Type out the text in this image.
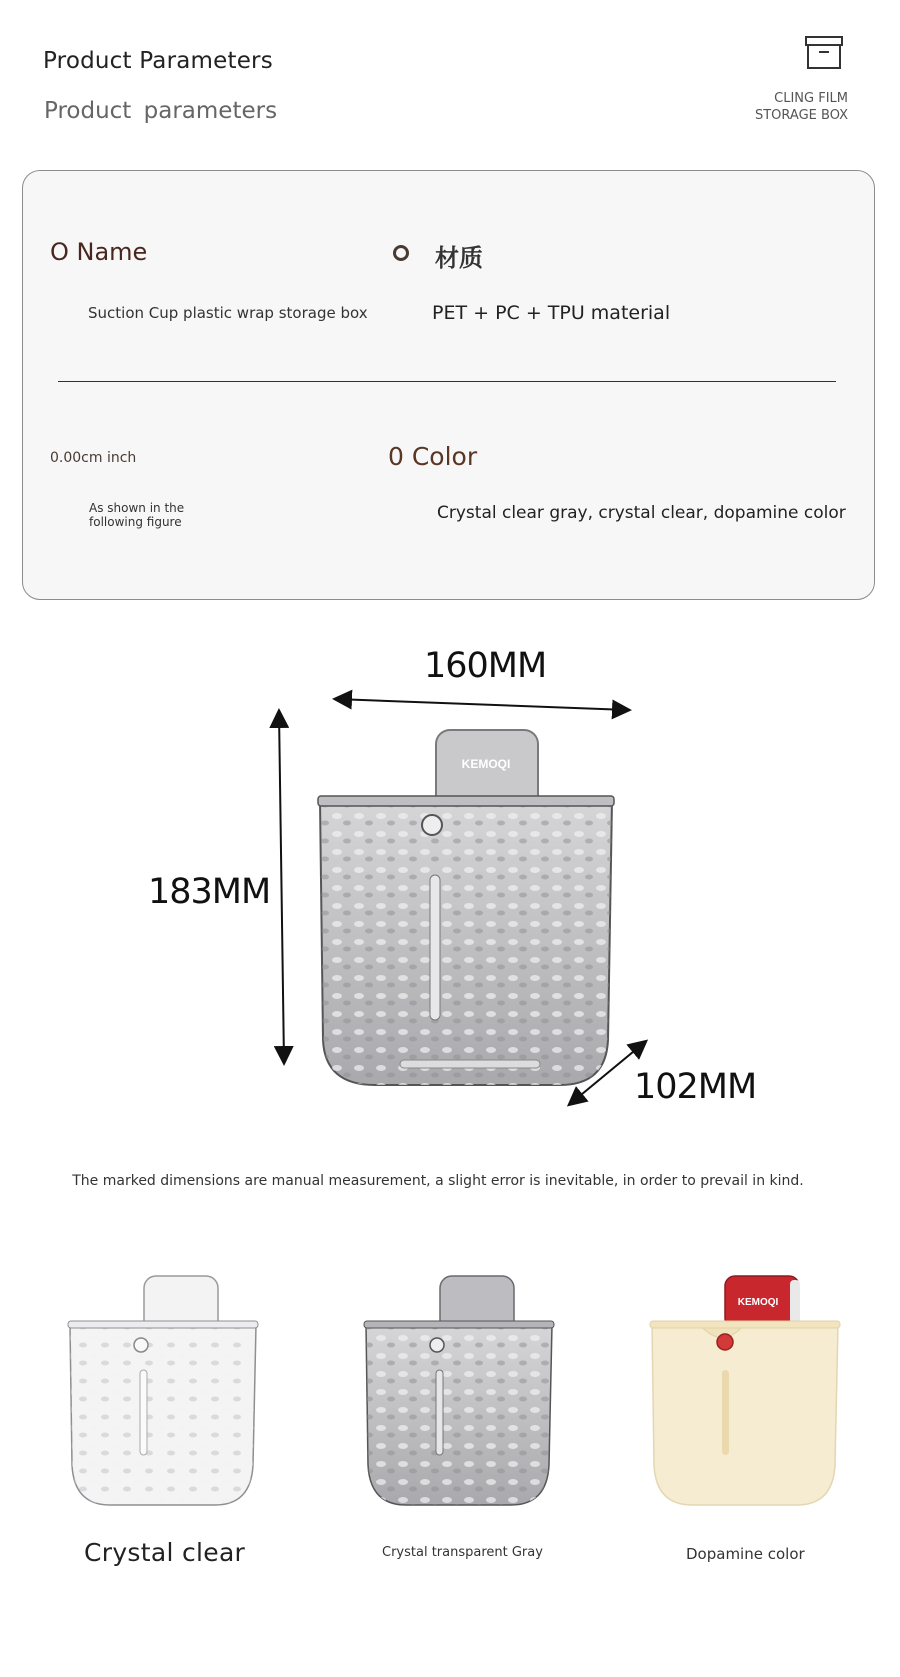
Product Parameters
Product parameters	CLING FILM
STORAGE BOX
O Name	材质
Suction Cup plastic wrap storage box	PET + PC + TPU material
0.00cm inch	0 Color
As shown in the
following figure	Crystal clear gray, crystal clear, dopamine color
KEMOQI
KEMOQI
160MM
183MM
102MM
The marked dimensions are manual measurement, a slight error is inevitable, in order to prevail in kind.
Crystal clear	Crystal transparent Gray	Dopamine color
